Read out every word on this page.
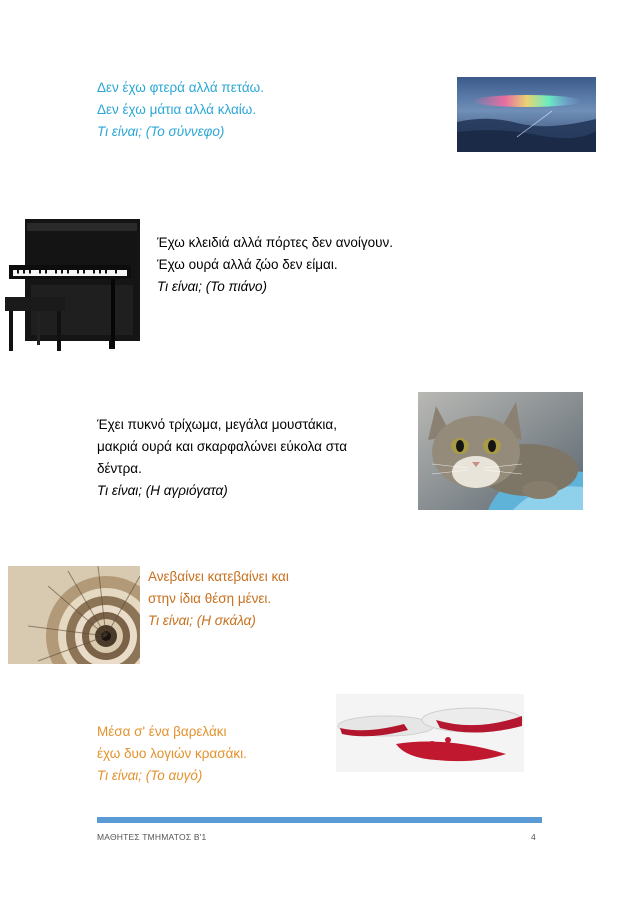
Δεν έχω φτερά αλλά πετάω.
Δεν έχω μάτια αλλά κλαίω.
Τι είναι; (Το σύννεφο)
Έχω κλειδιά αλλά πόρτες δεν ανοίγουν.
Έχω ουρά αλλά ζώο δεν είμαι.
Τι είναι; (Το πιάνο)
Έχει πυκνό τρίχωμα, μεγάλα μουστάκια,
μακριά ουρά και σκαρφαλώνει εύκολα στα
δέντρα.
Τι είναι; (Η αγριόγατα)
Ανεβαίνει κατεβαίνει και
στην ίδια θέση μένει.
Τι είναι; (Η σκάλα)
Μέσα σ' ένα βαρελάκι
έχω δυο λογιών κρασάκι.
Τι είναι; (Το αυγό)
ΜΑΘΗΤΕΣ ΤΜΗΜΑΤΟΣ Β'1	4
